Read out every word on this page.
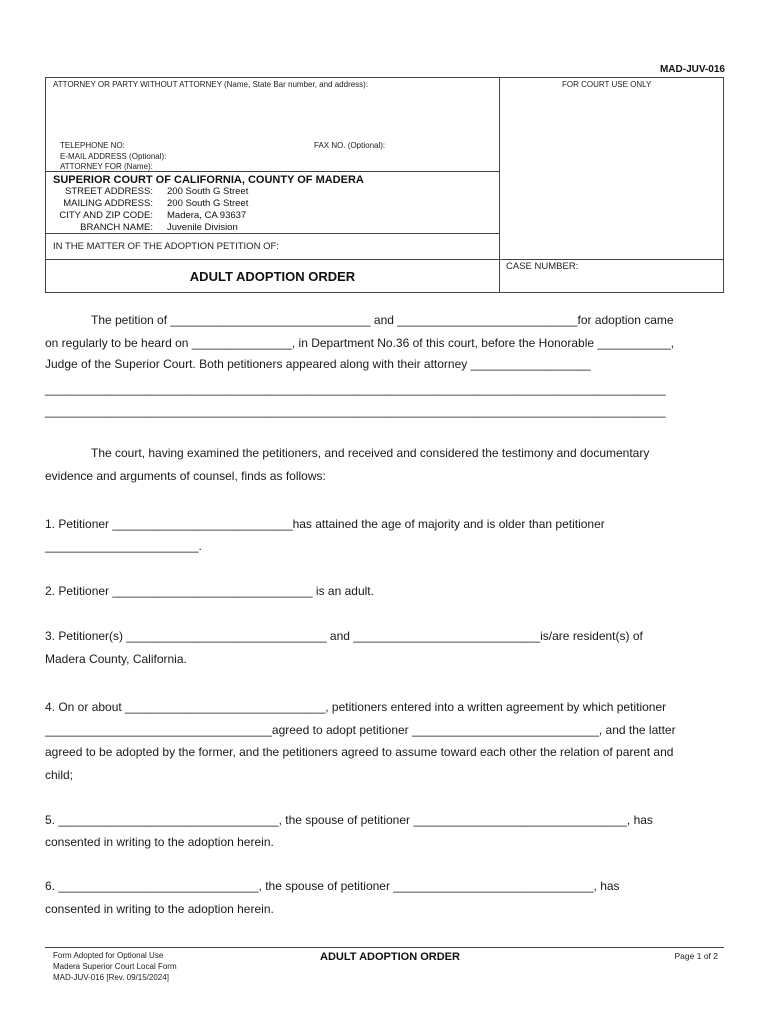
MAD-JUV-016
ATTORNEY OR PARTY WITHOUT ATTORNEY (Name, State Bar number, and address):	FOR COURT USE ONLY
TELEPHONE NO:	FAX NO. (Optional):
E-MAIL ADDRESS (Optional):
ATTORNEY FOR (Name):
SUPERIOR COURT OF CALIFORNIA, COUNTY OF MADERA
STREET ADDRESS: 200 South G Street
MAILING ADDRESS: 200 South G Street
CITY AND ZIP CODE: Madera, CA 93637
BRANCH NAME: Juvenile Division
IN THE MATTER OF THE ADOPTION PETITION OF:
ADULT ADOPTION ORDER
CASE NUMBER:
The petition of ______________________________ and ___________________________for adoption came
on regularly to be heard on _______________, in Department No.36 of this court, before the Honorable ___________,
Judge of the Superior Court. Both petitioners appeared along with their attorney __________________
_____________________________________________________________________________________________
_____________________________________________________________________________________________
The court, having examined the petitioners, and received and considered the testimony and documentary
evidence and arguments of counsel, finds as follows:
1. Petitioner ___________________________has attained the age of majority and is older than petitioner
_______________________.
2. Petitioner ______________________________ is an adult.
3. Petitioner(s) ______________________________ and ____________________________is/are resident(s) of
Madera County, California.
4. On or about ______________________________, petitioners entered into a written agreement by which petitioner
__________________________________agreed to adopt petitioner ____________________________, and the latter
agreed to be adopted by the former, and the petitioners agreed to assume toward each other the relation of parent and
child;
5. _________________________________, the spouse of petitioner ________________________________, has
consented in writing to the adoption herein.
6. ______________________________, the spouse of petitioner ______________________________, has
consented in writing to the adoption herein.
Form Adopted for Optional Use
Madera Superior Court Local Form
MAD-JUV-016 [Rev. 09/15/2024]
ADULT ADOPTION ORDER	Page 1 of 2
